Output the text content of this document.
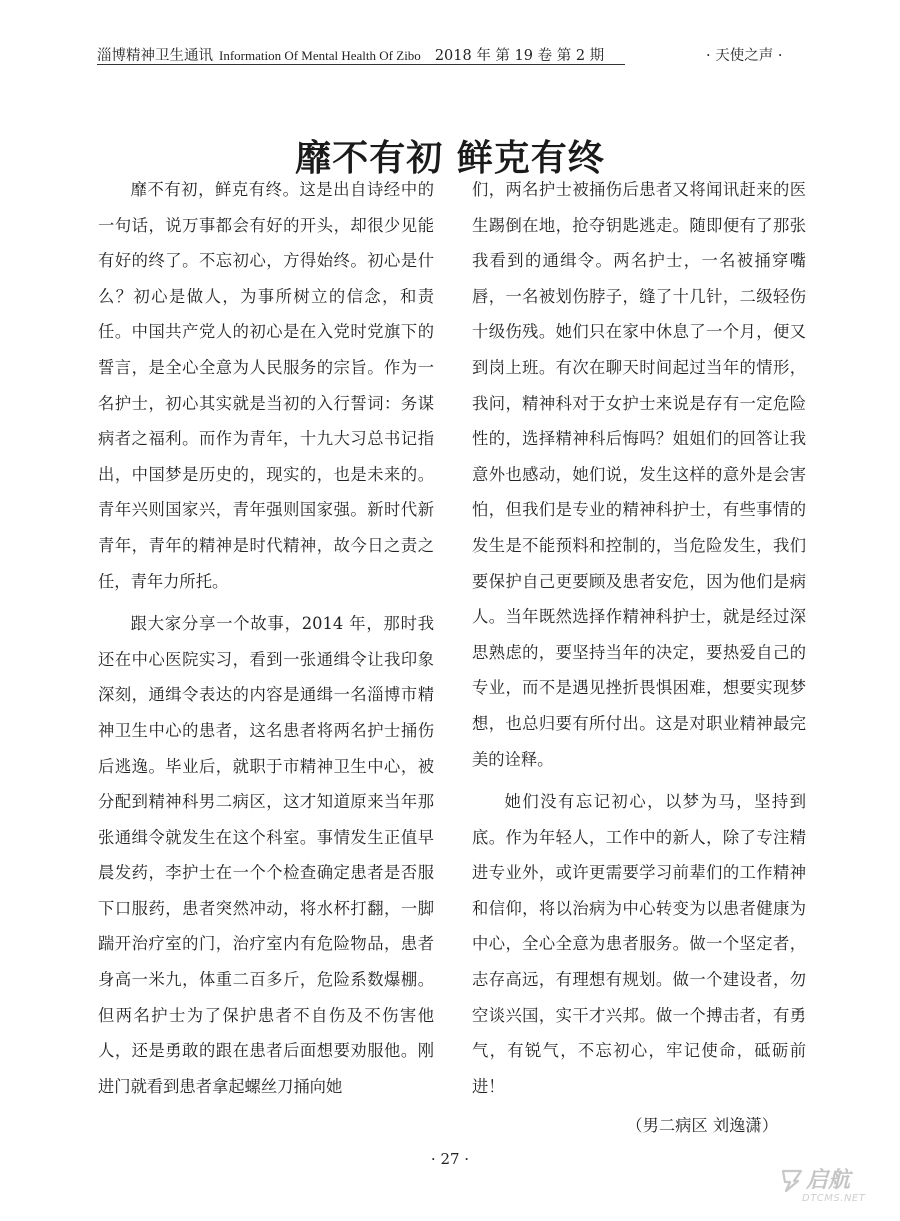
淄博精神卫生通讯 Information Of Mental Health Of Zibo 2018 年 第 19 卷 第 2 期	· 天使之声 ·
靡不有初 鲜克有终

靡不有初，鲜克有终。这是出自诗经中的一句话，说万事都会有好的开头，却很少见能有好的终了。不忘初心，方得始终。初心是什么？初心是做人，为事所树立的信念，和责任。中国共产党人的初心是在入党时党旗下的誓言，是全心全意为人民服务的宗旨。作为一名护士，初心其实就是当初的入行誓词：务谋病者之福利。而作为青年，十九大习总书记指出，中国梦是历史的，现实的，也是未来的。青年兴则国家兴，青年强则国家强。新时代新青年，青年的精神是时代精神，故今日之责之任，青年力所托。

跟大家分享一个故事，2014 年，那时我还在中心医院实习，看到一张通缉令让我印象深刻，通缉令表达的内容是通缉一名淄博市精神卫生中心的患者，这名患者将两名护士捅伤后逃逸。毕业后，就职于市精神卫生中心，被分配到精神科男二病区，这才知道原来当年那张通缉令就发生在这个科室。事情发生正值早晨发药，李护士在一个个检查确定患者是否服下口服药，患者突然冲动，将水杯打翻，一脚踹开治疗室的门，治疗室内有危险物品，患者身高一米九，体重二百多斤，危险系数爆棚。但两名护士为了保护患者不自伤及不伤害他人，还是勇敢的跟在患者后面想要劝服他。刚进门就看到患者拿起螺丝刀捅向她

们，两名护士被捅伤后患者又将闻讯赶来的医生踢倒在地，抢夺钥匙逃走。随即便有了那张我看到的通缉令。两名护士，一名被捅穿嘴唇，一名被划伤脖子，缝了十几针，二级轻伤十级伤残。她们只在家中休息了一个月，便又到岗上班。有次在聊天时间起过当年的情形，我问，精神科对于女护士来说是存有一定危险性的，选择精神科后悔吗？姐姐们的回答让我意外也感动，她们说，发生这样的意外是会害怕，但我们是专业的精神科护士，有些事情的发生是不能预料和控制的，当危险发生，我们要保护自己更要顾及患者安危，因为他们是病人。当年既然选择作精神科护士，就是经过深思熟虑的，要坚持当年的决定，要热爱自己的专业，而不是遇见挫折畏惧困难，想要实现梦想，也总归要有所付出。这是对职业精神最完美的诠释。

她们没有忘记初心，以梦为马，坚持到底。作为年轻人，工作中的新人，除了专注精进专业外，或许更需要学习前辈们的工作精神和信仰，将以治病为中心转变为以患者健康为中心，全心全意为患者服务。做一个坚定者，志存高远，有理想有规划。做一个建设者，勿空谈兴国，实干才兴邦。做一个搏击者，有勇气，有锐气，不忘初心，牢记使命，砥砺前进！

（男二病区 刘逸潇）

· 27 ·
启航
DTCMS.NET
